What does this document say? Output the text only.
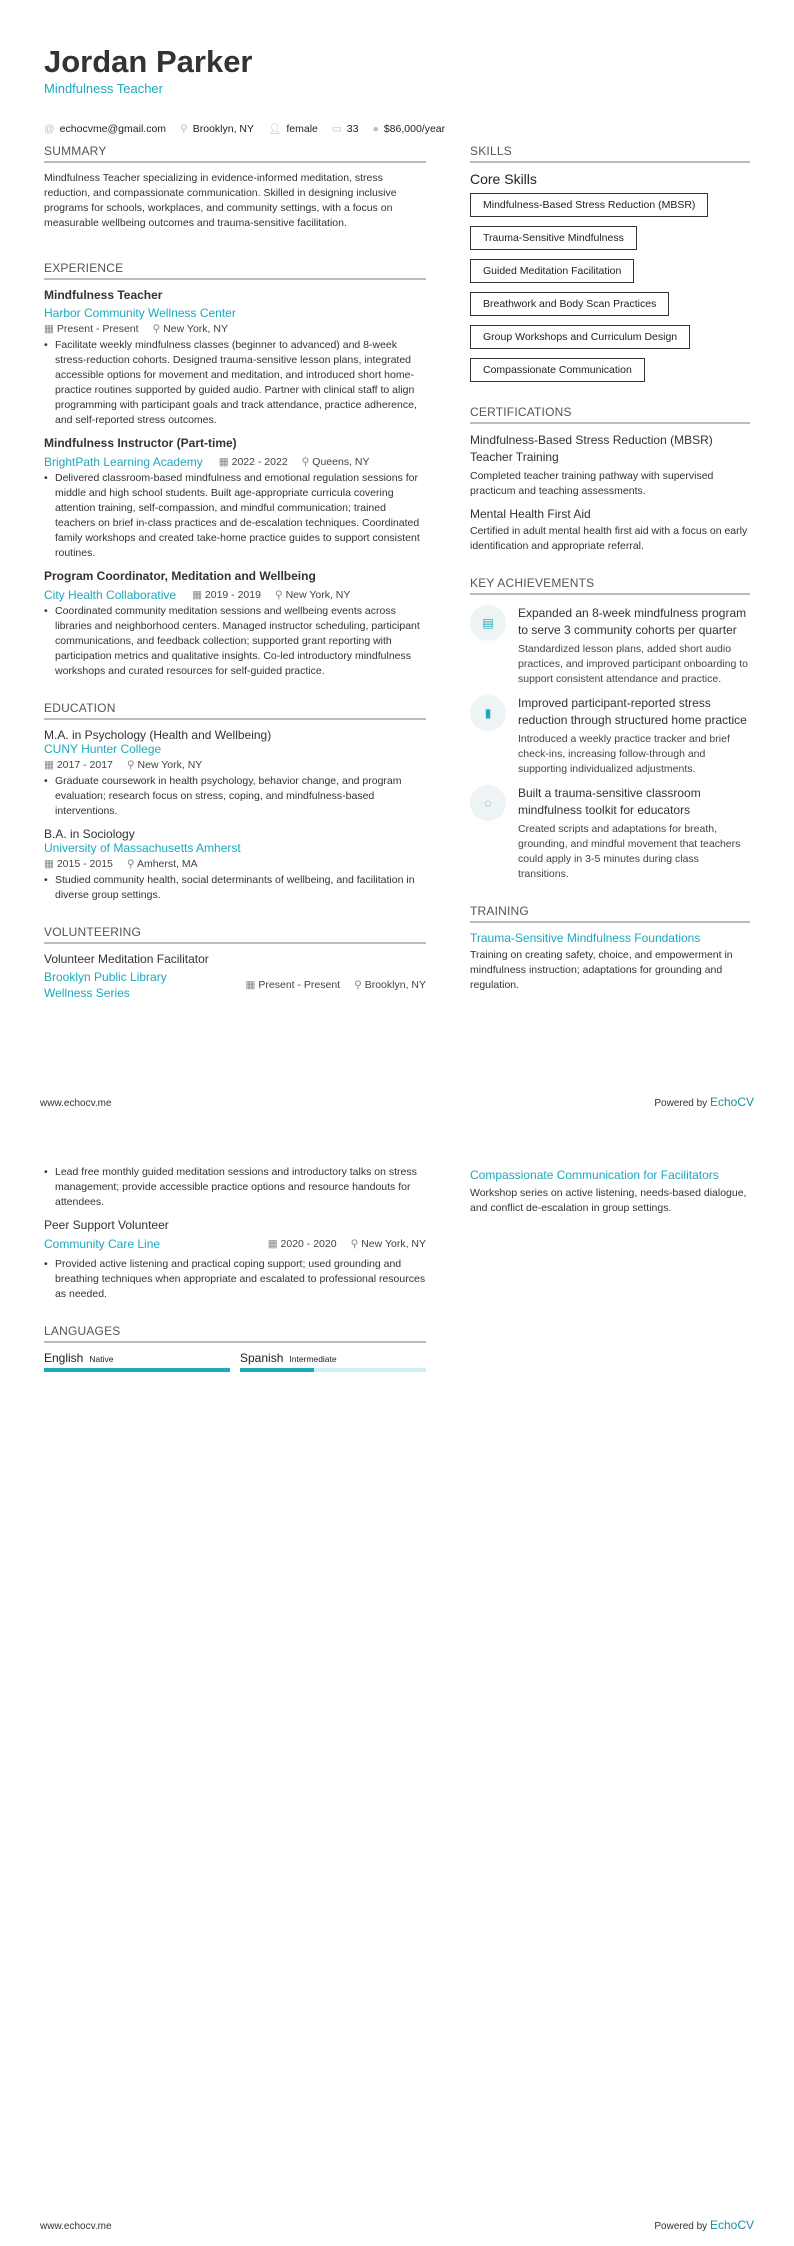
Jordan Parker
Mindfulness Teacher
@ echocvme@gmail.com ⚲ Brooklyn, NY 👤︎ female ▭ 33 ● $86,000/year
SUMMARY
Mindfulness Teacher specializing in evidence-informed meditation, stress reduction, and compassionate communication. Skilled in designing inclusive programs for schools, workplaces, and community settings, with a focus on measurable wellbeing outcomes and trauma-sensitive facilitation.
EXPERIENCE
Mindfulness Teacher
Harbor Community Wellness Center
▦ Present - Present ⚲ New York, NY
• Facilitate weekly mindfulness classes (beginner to advanced) and 8-week stress-reduction cohorts. Designed trauma-sensitive lesson plans, integrated accessible options for movement and meditation, and introduced short home-practice routines supported by guided audio. Partner with clinical staff to align programming with participant goals and track attendance, practice adherence, and self-reported stress outcomes.
Mindfulness Instructor (Part-time)
BrightPath Learning Academy ▦ 2022 - 2022 ⚲ Queens, NY
• Delivered classroom-based mindfulness and emotional regulation sessions for middle and high school students. Built age-appropriate curricula covering attention training, self-compassion, and mindful communication; trained teachers on brief in-class practices and de-escalation techniques. Coordinated family workshops and created take-home practice guides to support consistent routines.
Program Coordinator, Meditation and Wellbeing
City Health Collaborative ▦ 2019 - 2019 ⚲ New York, NY
• Coordinated community meditation sessions and wellbeing events across libraries and neighborhood centers. Managed instructor scheduling, participant communications, and feedback collection; supported grant reporting with participation metrics and qualitative insights. Co-led introductory mindfulness workshops and curated resources for self-guided practice.
EDUCATION
M.A. in Psychology (Health and Wellbeing)
CUNY Hunter College
▦ 2017 - 2017 ⚲ New York, NY
• Graduate coursework in health psychology, behavior change, and program evaluation; research focus on stress, coping, and mindfulness-based interventions.
B.A. in Sociology
University of Massachusetts Amherst
▦ 2015 - 2015 ⚲ Amherst, MA
• Studied community health, social determinants of wellbeing, and facilitation in diverse group settings.
VOLUNTEERING
Volunteer Meditation Facilitator
Brooklyn Public Library Wellness Series
▦ Present - Present ⚲ Brooklyn, NY
SKILLS
Core Skills
Mindfulness-Based Stress Reduction (MBSR)
Trauma-Sensitive Mindfulness
Guided Meditation Facilitation
Breathwork and Body Scan Practices
Group Workshops and Curriculum Design
Compassionate Communication
CERTIFICATIONS
Mindfulness-Based Stress Reduction (MBSR) Teacher Training
Completed teacher training pathway with supervised practicum and teaching assessments.
Mental Health First Aid
Certified in adult mental health first aid with a focus on early identification and appropriate referral.
KEY ACHIEVEMENTS
▤
Expanded an 8-week mindfulness program to serve 3 community cohorts per quarter

Standardized lesson plans, added short audio practices, and improved participant onboarding to support consistent attendance and practice.

▮
Improved participant-reported stress reduction through structured home practice

Introduced a weekly practice tracker and brief check-ins, increasing follow-through and supporting individualized adjustments.

◌
Built a trauma-sensitive classroom mindfulness toolkit for educators

Created scripts and adaptations for breath, grounding, and mindful movement that teachers could apply in 3-5 minutes during class transitions.

TRAINING
Trauma-Sensitive Mindfulness Foundations
Training on creating safety, choice, and empowerment in mindfulness instruction; adaptations for grounding and regulation.
www.echocv.me	Powered by EchoCV
• Lead free monthly guided meditation sessions and introductory talks on stress management; provide accessible practice options and resource handouts for attendees.
Peer Support Volunteer
Community Care Line	▦ 2020 - 2020 ⚲ New York, NY
• Provided active listening and practical coping support; used grounding and breathing techniques when appropriate and escalated to professional resources as needed.
LANGUAGES
English Native	Spanish Intermediate
Compassionate Communication for Facilitators
Workshop series on active listening, needs-based dialogue, and conflict de-escalation in group settings.
www.echocv.me	Powered by EchoCV
